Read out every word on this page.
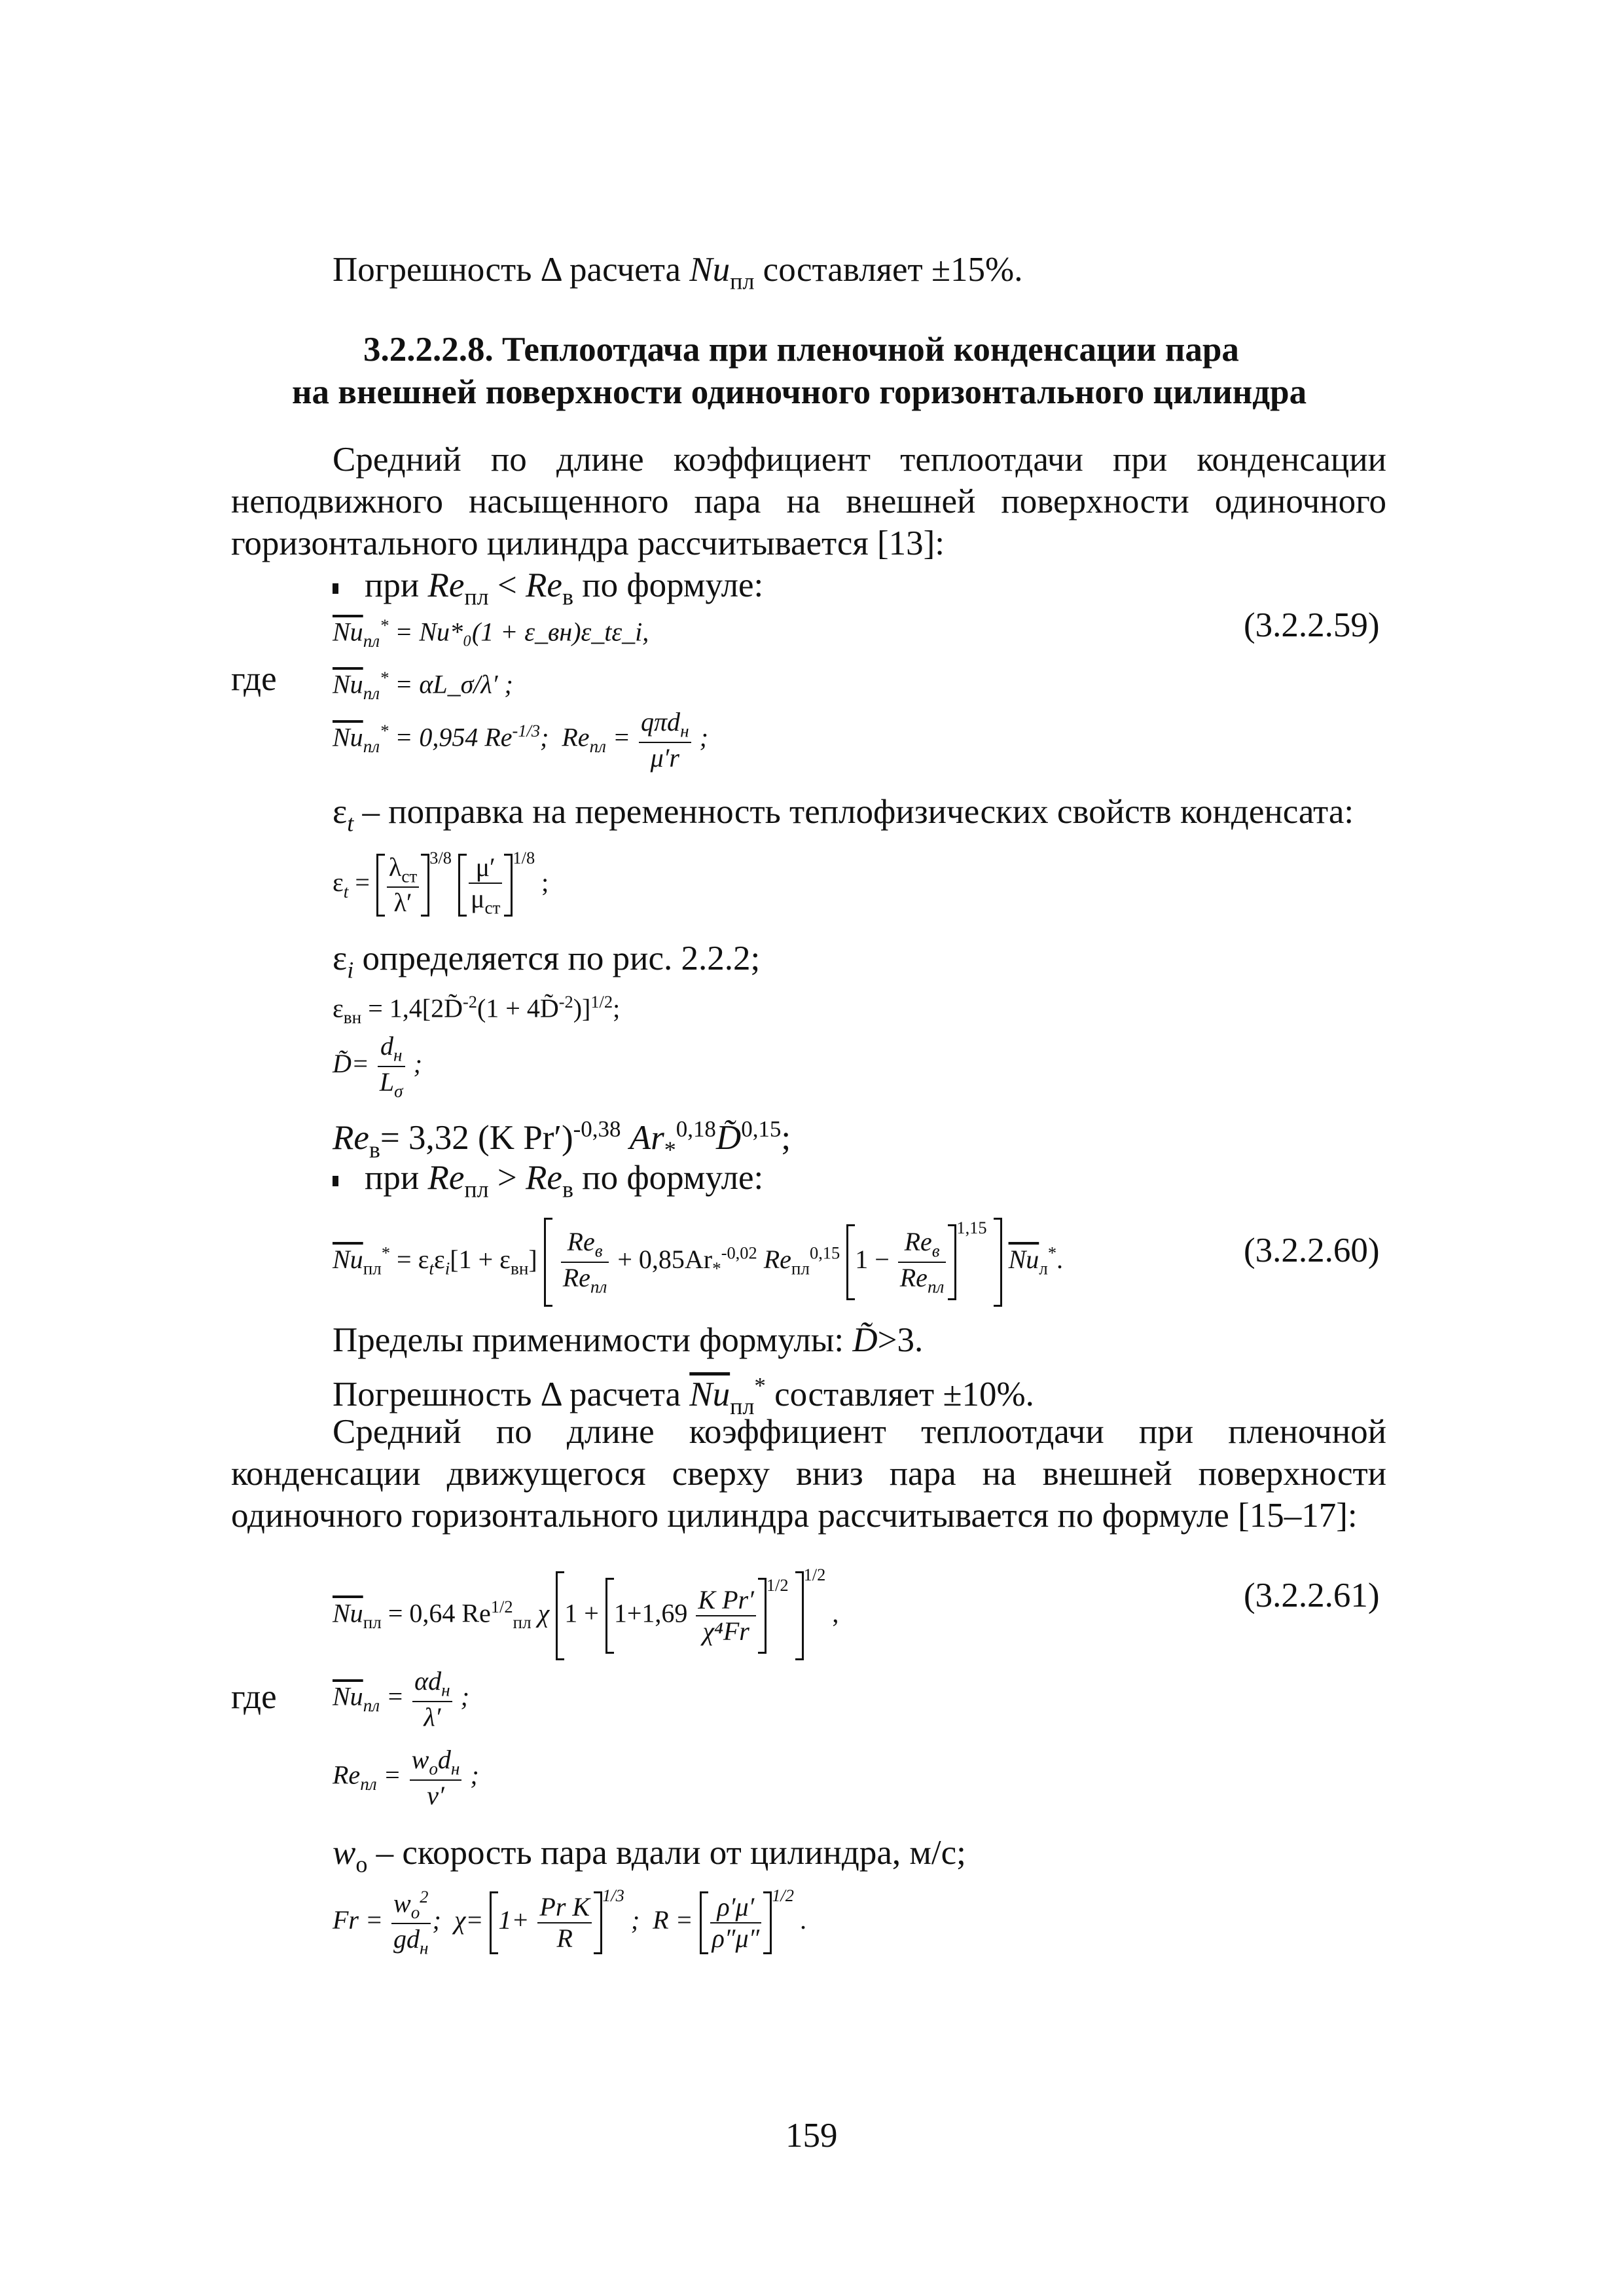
Погрешность Δ расчета $Nu_{пл}$ составляет ±15%.
3.2.2.2.8. Теплоотдача при пленочной конденсации пара
на внешней поверхности одиночного горизонтального цилиндра
Средний по длине коэффициент теплоотдачи при конденсации неподвижного насыщенного пара на внешней поверхности одиночного горизонтального цилиндра рассчитывается [13]:
при $Re_{пл} < Re_в$ по формуле:
$\overline{Nu}_{пл}^* = Nu*_0(1$ + ε_вн)ε_tε_i,	(3.2.2.59)
где $\overline{Nu}_{пл}^*$ = αL_σ/λ′ ;
$\overline{Nu}_{пл}^* = 0,954$ $Re^{-1/3}$; $Re_{пл} = \frac{q\pi d_н}{\mu'r}$ ;
$\varepsilon_t$ – поправка на переменность теплофизических свойств конденсата:
$\varepsilon_t = \frac{\lambda_{ст}}{\lambda'} ^{3/8} \frac{\mu'}{\mu_{ст}} ^{1/8}$ ;
$\varepsilon_i$ определяется по рис. 2.2.2;
$\varepsilon_{вн}$ = 1,4[2D̃$^{-2}$(1 + 4D̃$^{-2}$)]$^{1/2}$;
D̃= $\frac{d_н}{L_\sigma}$ ;
$Re_в= 3,32$ (K Pr′)$^{-0,38}$ $Ar_*^{0,18}D̃^{0,15}$;
при $Re_{пл} > Re_в$ по формуле:
$\overline{Nu}_{пл}^* = \varepsilon_t\varepsilon_i[1 + \varepsilon_{вн}] \frac{Re_в}{Re_{пл}} + 0,85Ar_*^{-0,02}$ $Re_{пл}^{0,15}$ $1 - \frac{Re_в}{Re_{пл}} ^{1,15}$  $\overline{Nu}_л^*$.	(3.2.2.60)
Пределы применимости формулы: D̃>3.
Погрешность Δ расчета $\overline{Nu}_{пл}^*$ составляет ±10%.
Средний по длине коэффициент теплоотдачи при пленочной конденсации движущегося сверху вниз пара на внешней поверхности одиночного горизонтального цилиндра рассчитывается по формуле [15–17]:
$\overline{Nu}_{пл} = 0,64$ $Re^{1/2}_{пл}$ χ $1 + 1+1,69 \frac{\text{K Pr′}}{\text{χ⁴Fr}}$
$^{1/2}$ $^{1/2}$ ,	(3.2.2.61)
где $\overline{Nu}_{пл} = \frac{\alpha d_н}{\lambda'}$ ;
$Re_{пл} = \frac{w_оd_н}{\nu'}$ ;
$w_о$ – скорость пара вдали от цилиндра, м/с;
$Fr = \frac{w_о^2}{gd_н}$ ; $\chi= 1+ \frac{\text{Pr K}}{R} ^{1/3}$ ; $R = \frac{\rho'\mu'}{\rho''\mu''} ^{1/2}$ .
159
